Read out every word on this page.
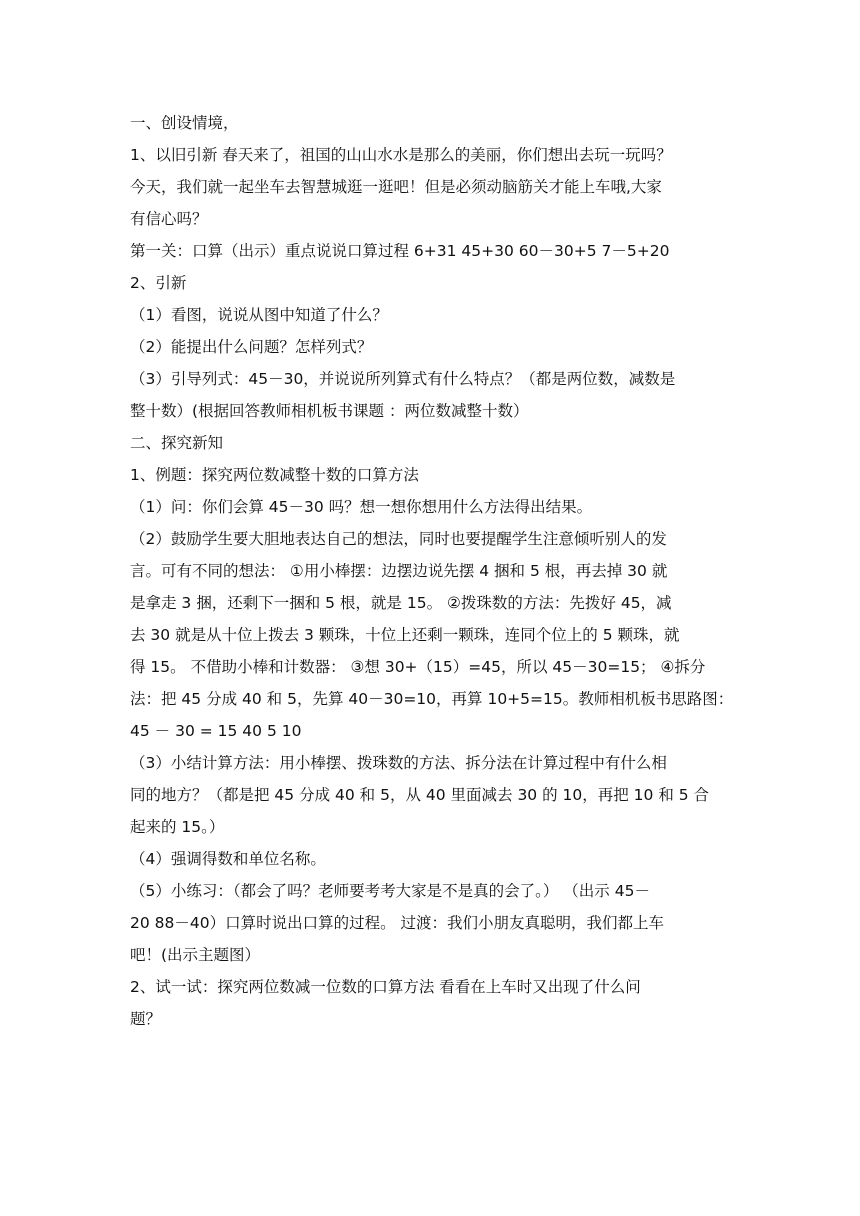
一、创设情境，
1、以旧引新 春天来了，祖国的山山水水是那么的美丽，你们想出去玩一玩吗？
今天，我们就一起坐车去智慧城逛一逛吧！但是必须动脑筋关才能上车哦,大家
有信心吗？
第一关：口算（出示）重点说说口算过程 6+31 45+30 60－30+5 7－5+20
2、引新
（1）看图，说说从图中知道了什么？
（2）能提出什么问题？怎样列式？
（3）引导列式：45－30，并说说所列算式有什么特点？（都是两位数，减数是
整十数）(根据回答教师相机板书课题 ：两位数减整十数）
二、探究新知
1、例题：探究两位数减整十数的口算方法
（1）问：你们会算 45－30 吗？想一想你想用什么方法得出结果。
（2）鼓励学生要大胆地表达自己的想法，同时也要提醒学生注意倾听别人的发
言。可有不同的想法： ①用小棒摆：边摆边说先摆 4 捆和 5 根，再去掉 30 就
是拿走 3 捆，还剩下一捆和 5 根，就是 15。 ②拨珠数的方法：先拨好 45，减
去 30 就是从十位上拨去 3 颗珠，十位上还剩一颗珠，连同个位上的 5 颗珠，就
得 15。 不借助小棒和计数器： ③想 30+（15）=45，所以 45－30=15； ④拆分
法：把 45 分成 40 和 5，先算 40－30=10，再算 10+5=15。教师相机板书思路图：
45 － 30 = 15 40 5 10
（3）小结计算方法：用小棒摆、拨珠数的方法、拆分法在计算过程中有什么相
同的地方？（都是把 45 分成 40 和 5，从 40 里面减去 30 的 10，再把 10 和 5 合
起来的 15。）
（4）强调得数和单位名称。
（5）小练习：（都会了吗？老师要考考大家是不是真的会了。） （出示 45－
20 88－40）口算时说出口算的过程。 过渡：我们小朋友真聪明，我们都上车
吧！(出示主题图）
2、试一试：探究两位数减一位数的口算方法 看看在上车时又出现了什么问
题？
